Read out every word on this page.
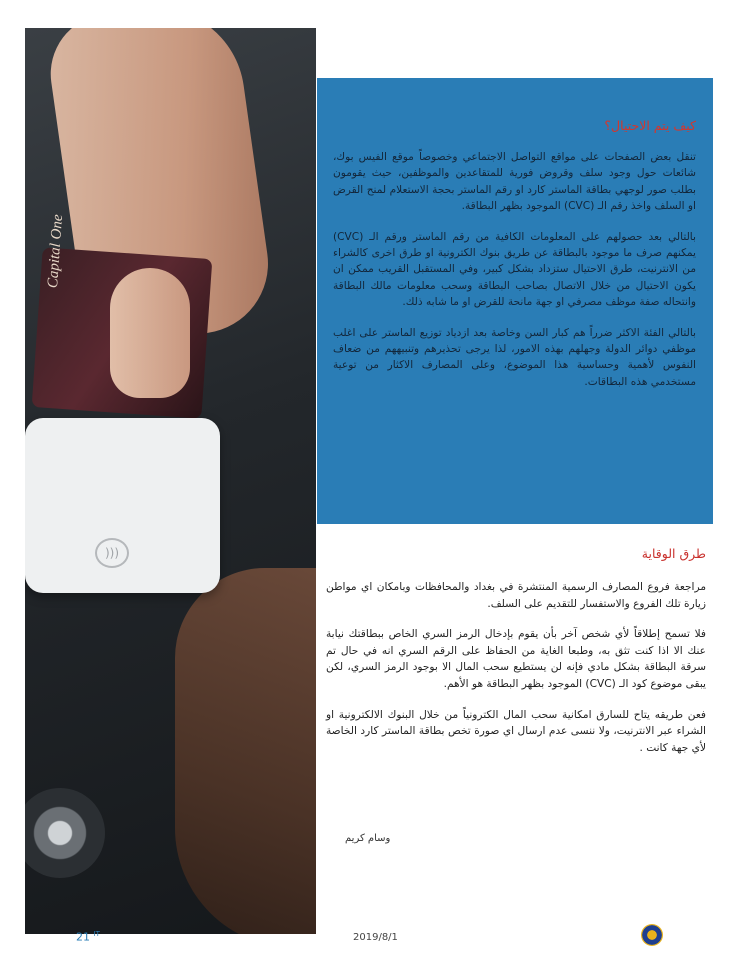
Capital One
)))
كيف يتم الاحتيال؟

تنقل بعض الصفحات على مواقع التواصل الاجتماعي وخصوصاً موقع الفيس بوك، شائعات حول وجود سلف وقروض فورية للمتقاعدين والموظفين، حيث يقومون بطلب صور لوجهي بطاقة الماستر كارد او رقم الماستر بحجة الاستعلام لمنح القرض او السلف واخذ رقم الـ (CVC) الموجود بظهر البطاقة.

بالتالي بعد حصولهم على المعلومات الكافية من رقم الماستر ورقم الـ (CVC) يمكنهم صرف ما موجود بالبطاقة عن طريق بنوك الكترونية او طرق اخرى كالشراء من الانترنيت، طرق الاحتيال ستزداد بشكل كبير، وفي المستقبل القريب ممكن ان يكون الاحتيال من خلال الاتصال بصاحب البطاقة وسحب معلومات مالك البطاقة وانتحاله صفة موظف مصرفي او جهة مانحة للقرض او ما شابه ذلك.

بالتالي الفئة الاكثر ضرراً هم كبار السن وخاصة بعد ازدياد توزيع الماستر على اغلب موظفي دوائر الدولة وجهلهم بهذه الامور، لذا يرجى تحذيرهم وتنبيههم من ضعاف النفوس لأهمية وحساسية هذا الموضوع، وعلى المصارف الاكثار من توعية مستخدمي هذه البطاقات.

طرق الوقاية

مراجعة فروع المصارف الرسمية المنتشرة في بغداد والمحافظات وبامكان اي مواطن زيارة تلك الفروع والاستفسار للتقديم على السلف.

فلا تسمح إطلاقاً لأي شخص آخر بأن يقوم بإدخال الرمز السري الخاص ببطاقتك نيابة عنك الا اذا كنت تثق به، وطبعا الغاية من الحفاظ على الرقم السري انه في حال تم سرقة البطاقة بشكل مادي فإنه لن يستطيع سحب المال الا بوجود الرمز السري، لكن يبقى موضوع كود الـ (CVC) الموجود بظهر البطاقة هو الأهم.

فعن طريقه يتاح للسارق امكانية سحب المال الكترونياً من خلال البنوك الالكترونية او الشراء عبر الانترنيت، ولا ننسى عدم ارسال اي صورة تخص بطاقة الماستر كارد الخاصة لأي جهة كانت .

وسام كريم
21 $^{IT}$	2019/8/1
